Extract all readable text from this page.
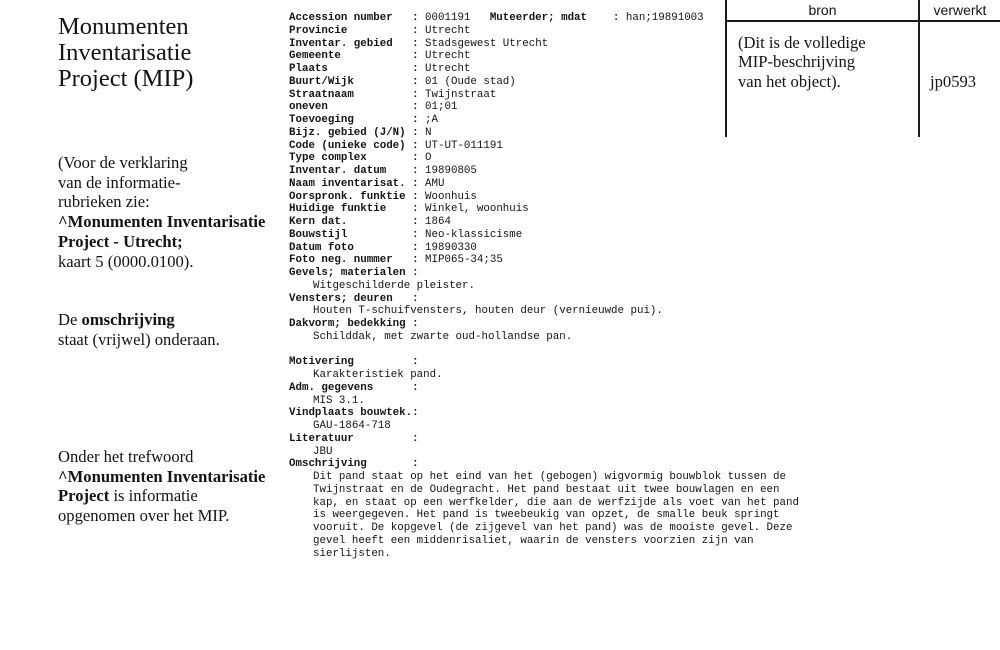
Monumenten
Inventarisatie
Project (MIP)
(Voor de verklaring
van de informatie-
rubrieken zie:
^Monumenten Inventarisatie
Project - Utrecht;
kaart 5 (0000.0100).
De omschrijving
staat (vrijwel) onderaan.
Onder het trefwoord
^Monumenten Inventarisatie
Project is informatie
opgenomen over het MIP.
Accession number : 0001191 Muteerder; mdat : han;19891003
Provincie	: Utrecht
Inventar. gebied : Stadsgewest Utrecht
Gemeente	: Utrecht
Plaats	: Utrecht
Buurt/Wijk	: 01 (Oude stad)
Straatnaam	: Twijnstraat
oneven	: 01;01
Toevoeging	: ;A
Bijz. gebied (J/N) : N
Code (unieke code) : UT-UT-011191
Type complex	: O
Inventar. datum : 19890805
Naam inventarisat. : AMU
Oorspronk. funktie : Woonhuis
Huidige funktie : Winkel, woonhuis
Kern dat.	: 1864
Bouwstijl	: Neo-klassicisme
Datum foto	: 19890330
Foto neg. nummer : MIP065-34;35
Gevels; materialen :
Witgeschilderde pleister.
Vensters; deuren :
Houten T-schuifvensters, houten deur (vernieuwde pui).
Dakvorm; bedekking :
Schilddak, met zwarte oud-hollandse pan.
Motivering	:
Karakteristiek pand.
Adm. gegevens	:
MIS 3.1.
Vindplaats bouwtek.:
GAU-1864-718
Literatuur	:
JBU
Omschrijving	:
Dit pand staat op het eind van het (gebogen) wigvormig bouwblok tussen de
Twijnstraat en de Oudegracht. Het pand bestaat uit twee bouwlagen en een
kap, en staat op een werfkelder, die aan de werfzijde als voet van het pand
is weergegeven. Het pand is tweebeukig van opzet, de smalle beuk springt
vooruit. De kopgevel (de zijgevel van het pand) was de mooiste gevel. Deze
gevel heeft een middenrisaliet, waarin de vensters voorzien zijn van
sierlijsten.
bron	verwerkt
(Dit is de volledige
MIP-beschrijving
van het object).	jp0593
